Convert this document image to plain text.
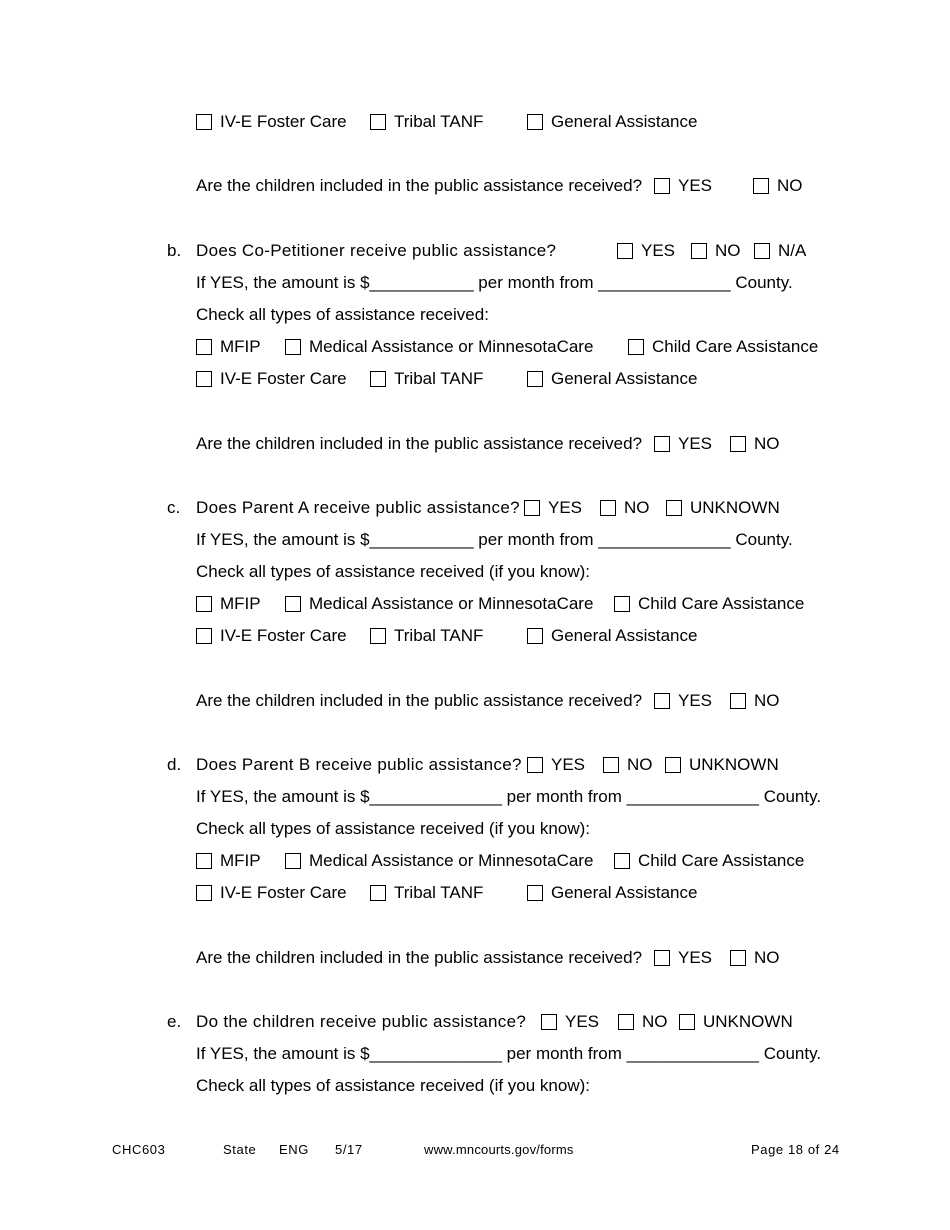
IV-E Foster Care	Tribal TANF	General Assistance
Are the children included in the public assistance received? YES	NO
b. Does Co-Petitioner receive public assistance?	YES NO N/A
If YES, the amount is $___________ per month from ______________ County.
Check all types of assistance received:
MFIP	Medical Assistance or MinnesotaCare	Child Care Assistance
IV-E Foster Care	Tribal TANF	General Assistance
Are the children included in the public assistance received? YES NO
c. Does Parent A receive public assistance? YES NO UNKNOWN
If YES, the amount is $___________ per month from ______________ County.
Check all types of assistance received (if you know):
MFIP	Medical Assistance or MinnesotaCare	Child Care Assistance
IV-E Foster Care	Tribal TANF	General Assistance
Are the children included in the public assistance received? YES NO
d. Does Parent B receive public assistance? YES NO UNKNOWN
If YES, the amount is $______________ per month from ______________ County.
Check all types of assistance received (if you know):
MFIP	Medical Assistance or MinnesotaCare	Child Care Assistance
IV-E Foster Care	Tribal TANF	General Assistance
Are the children included in the public assistance received? YES NO
e. Do the children receive public assistance? YES	NO UNKNOWN
If YES, the amount is $______________ per month from ______________ County.
Check all types of assistance received (if you know):
CHC603	State ENG 5/17	www.mncourts.gov/forms	Page 18 of 24
